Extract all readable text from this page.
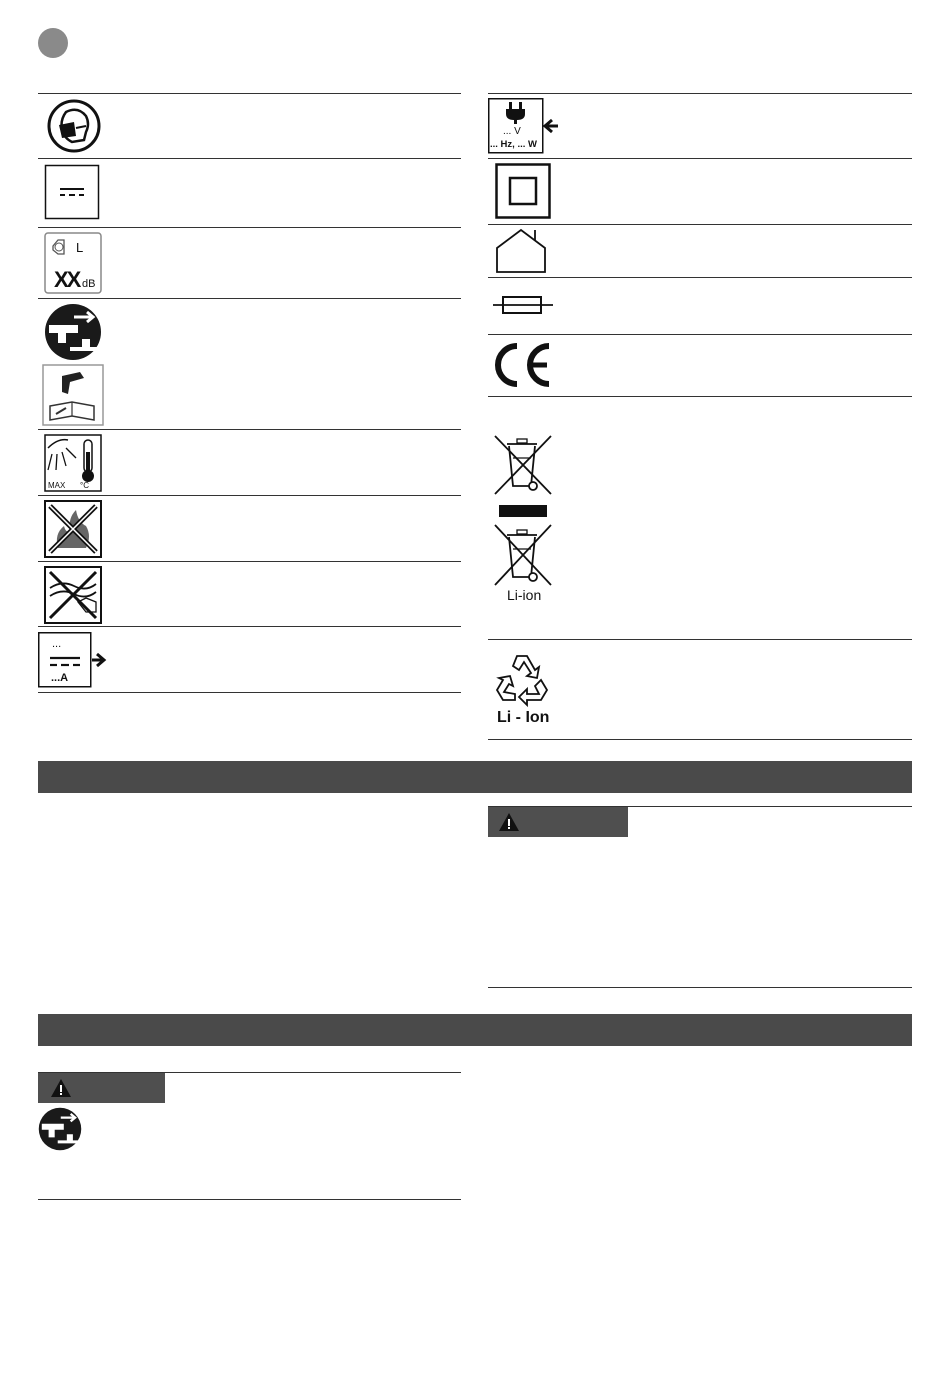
L
XX dB
MAX °C
...
...A
... V
... Hz, ... W
Li-ion
Li - Ion
